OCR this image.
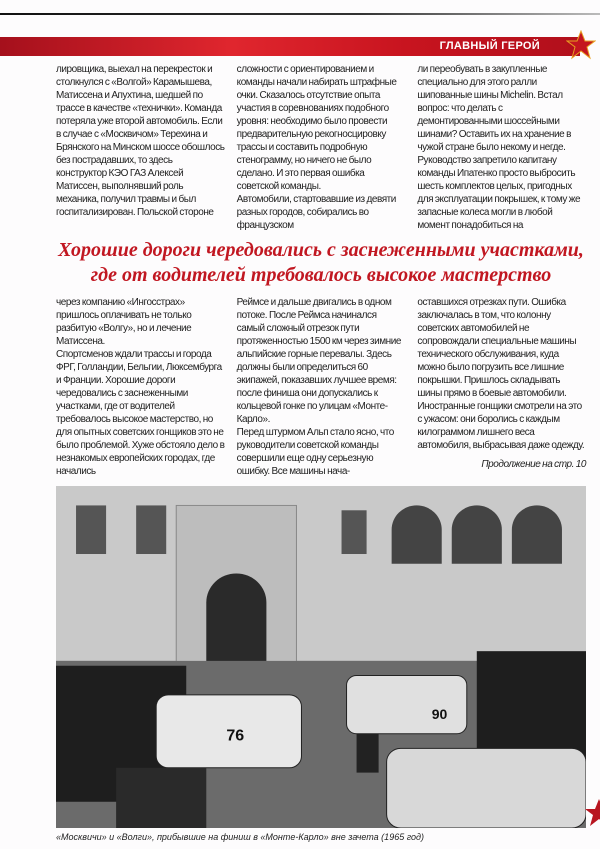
ГЛАВНЫЙ ГЕРОЙ

лировщика, выехал на перекресток и столкнулся с «Волгой» Карамышева, Матиссена и Апухтина, шедшей по трассе в качестве «технички». Команда потеряла уже второй автомобиль. Если в случае с «Москвичом» Терехина и Брянского на Минском шоссе обошлось без пострадавших, то здесь конструктор КЭО ГАЗ Алексей Матиссен, выполнявший роль механика, получил травмы и был госпитализирован. Польской стороне

сложности с ориентированием и команды начали набирать штрафные очки. Сказалось отсутствие опыта участия в соревнованиях подобного уровня: необходимо было провести предварительную рекогносцировку трассы и составить подробную стенограмму, но ничего не было сделано. И это первая ошибка советской команды.
Автомобили, стартовавшие из девяти разных городов, собирались во французском

ли переобувать в закупленные специально для этого ралли шипованные шины Michelin. Встал вопрос: что делать с демонтированными шоссейными шинами? Оставить их на хранение в чужой стране было некому и негде. Руководство запретило капитану команды Ипатенко просто выбросить шесть комплектов целых, пригодных для эксплуатации покрышек, к тому же запасные колеса могли в любой момент понадобиться на

Хорошие дороги чередовались с заснеженными участками, где от водителей требовалось высокое мастерство

через компанию «Ингосстрах» пришлось оплачивать не только разбитую «Волгу», но и лечение Матиссена.
Спортсменов ждали трассы и города ФРГ, Голландии, Бельгии, Люксембурга и Франции. Хорошие дороги чередовались с заснеженными участками, где от водителей требовалось высокое мастерство, но для опытных советских гонщиков это не было проблемой. Хуже обстояло дело в незнакомых европейских городах, где начались

Реймсе и дальше двигались в одном потоке. После Реймса начинался самый сложный отрезок пути протяженностью 1500 км через зимние альпийские горные перевалы. Здесь должны были определиться 60 экипажей, показавших лучшее время: после финиша они допускались к кольцевой гонке по улицам «Монте-Карло».
Перед штурмом Альп стало ясно, что руководители советской команды совершили еще одну серьезную ошибку. Все машины нача-

оставшихся отрезках пути. Ошибка заключалась в том, что колонну советских автомобилей не сопровождали специальные машины технического обслуживания, куда можно было погрузить все лишние покрышки. Пришлось складывать шины прямо в боевые автомобили. Иностранные гонщики смотрели на это с ужасом: они боролись с каждым килограммом лишнего веса автомобиля, выбрасывая даже одежду.

Продолжение на стр. 10
76
90
«Москвичи» и «Волги», прибывшие на финиш в «Монте-Карло» вне зачета (1965 год)
